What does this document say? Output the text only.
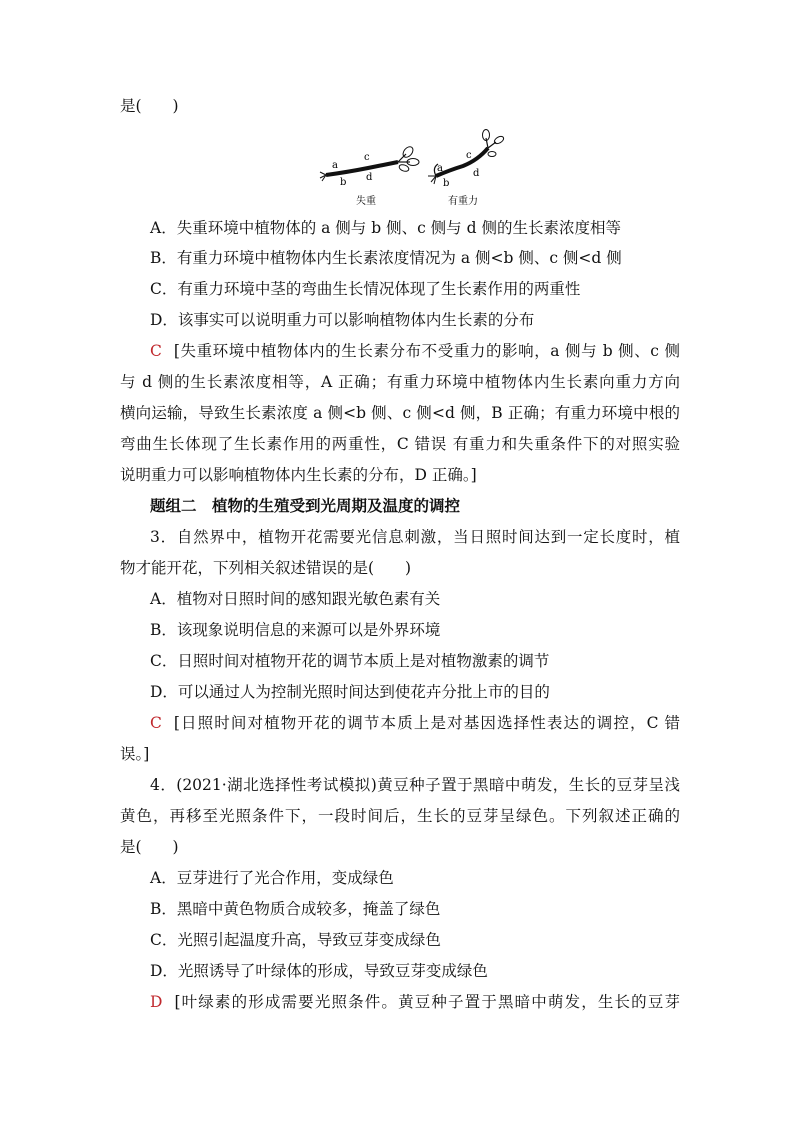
是(　　)
a
b
c
d
a
b
c
d
失重	有重力
A．失重环境中植物体的 a 侧与 b 侧、c 侧与 d 侧的生长素浓度相等
B．有重力环境中植物体内生长素浓度情况为 a 侧<b 侧、c 侧<d 侧
C．有重力环境中茎的弯曲生长情况体现了生长素作用的两重性
D．该事实可以说明重力可以影响植物体内生长素的分布
C [失重环境中植物体内的生长素分布不受重力的影响，a 侧与 b 侧、c 侧
与 d 侧的生长素浓度相等，A 正确；有重力环境中植物体内生长素向重力方向
横向运输，导致生长素浓度 a 侧<b 侧、c 侧<d 侧，B 正确；有重力环境中根的
弯曲生长体现了生长素作用的两重性，C 错误 有重力和失重条件下的对照实验
说明重力可以影响植物体内生长素的分布，D 正确。]
题组二　植物的生殖受到光周期及温度的调控
3．自然界中，植物开花需要光信息刺激，当日照时间达到一定长度时，植
物才能开花，下列相关叙述错误的是(　　)
A．植物对日照时间的感知跟光敏色素有关
B．该现象说明信息的来源可以是外界环境
C．日照时间对植物开花的调节本质上是对植物激素的调节
D．可以通过人为控制光照时间达到使花卉分批上市的目的
C [日照时间对植物开花的调节本质上是对基因选择性表达的调控，C 错
误。]
4．(2021·湖北选择性考试模拟)黄豆种子置于黑暗中萌发，生长的豆芽呈浅
黄色，再移至光照条件下，一段时间后，生长的豆芽呈绿色。下列叙述正确的
是(　　)
A．豆芽进行了光合作用，变成绿色
B．黑暗中黄色物质合成较多，掩盖了绿色
C．光照引起温度升高，导致豆芽变成绿色
D．光照诱导了叶绿体的形成，导致豆芽变成绿色
D [叶绿素的形成需要光照条件。黄豆种子置于黑暗中萌发，生长的豆芽
